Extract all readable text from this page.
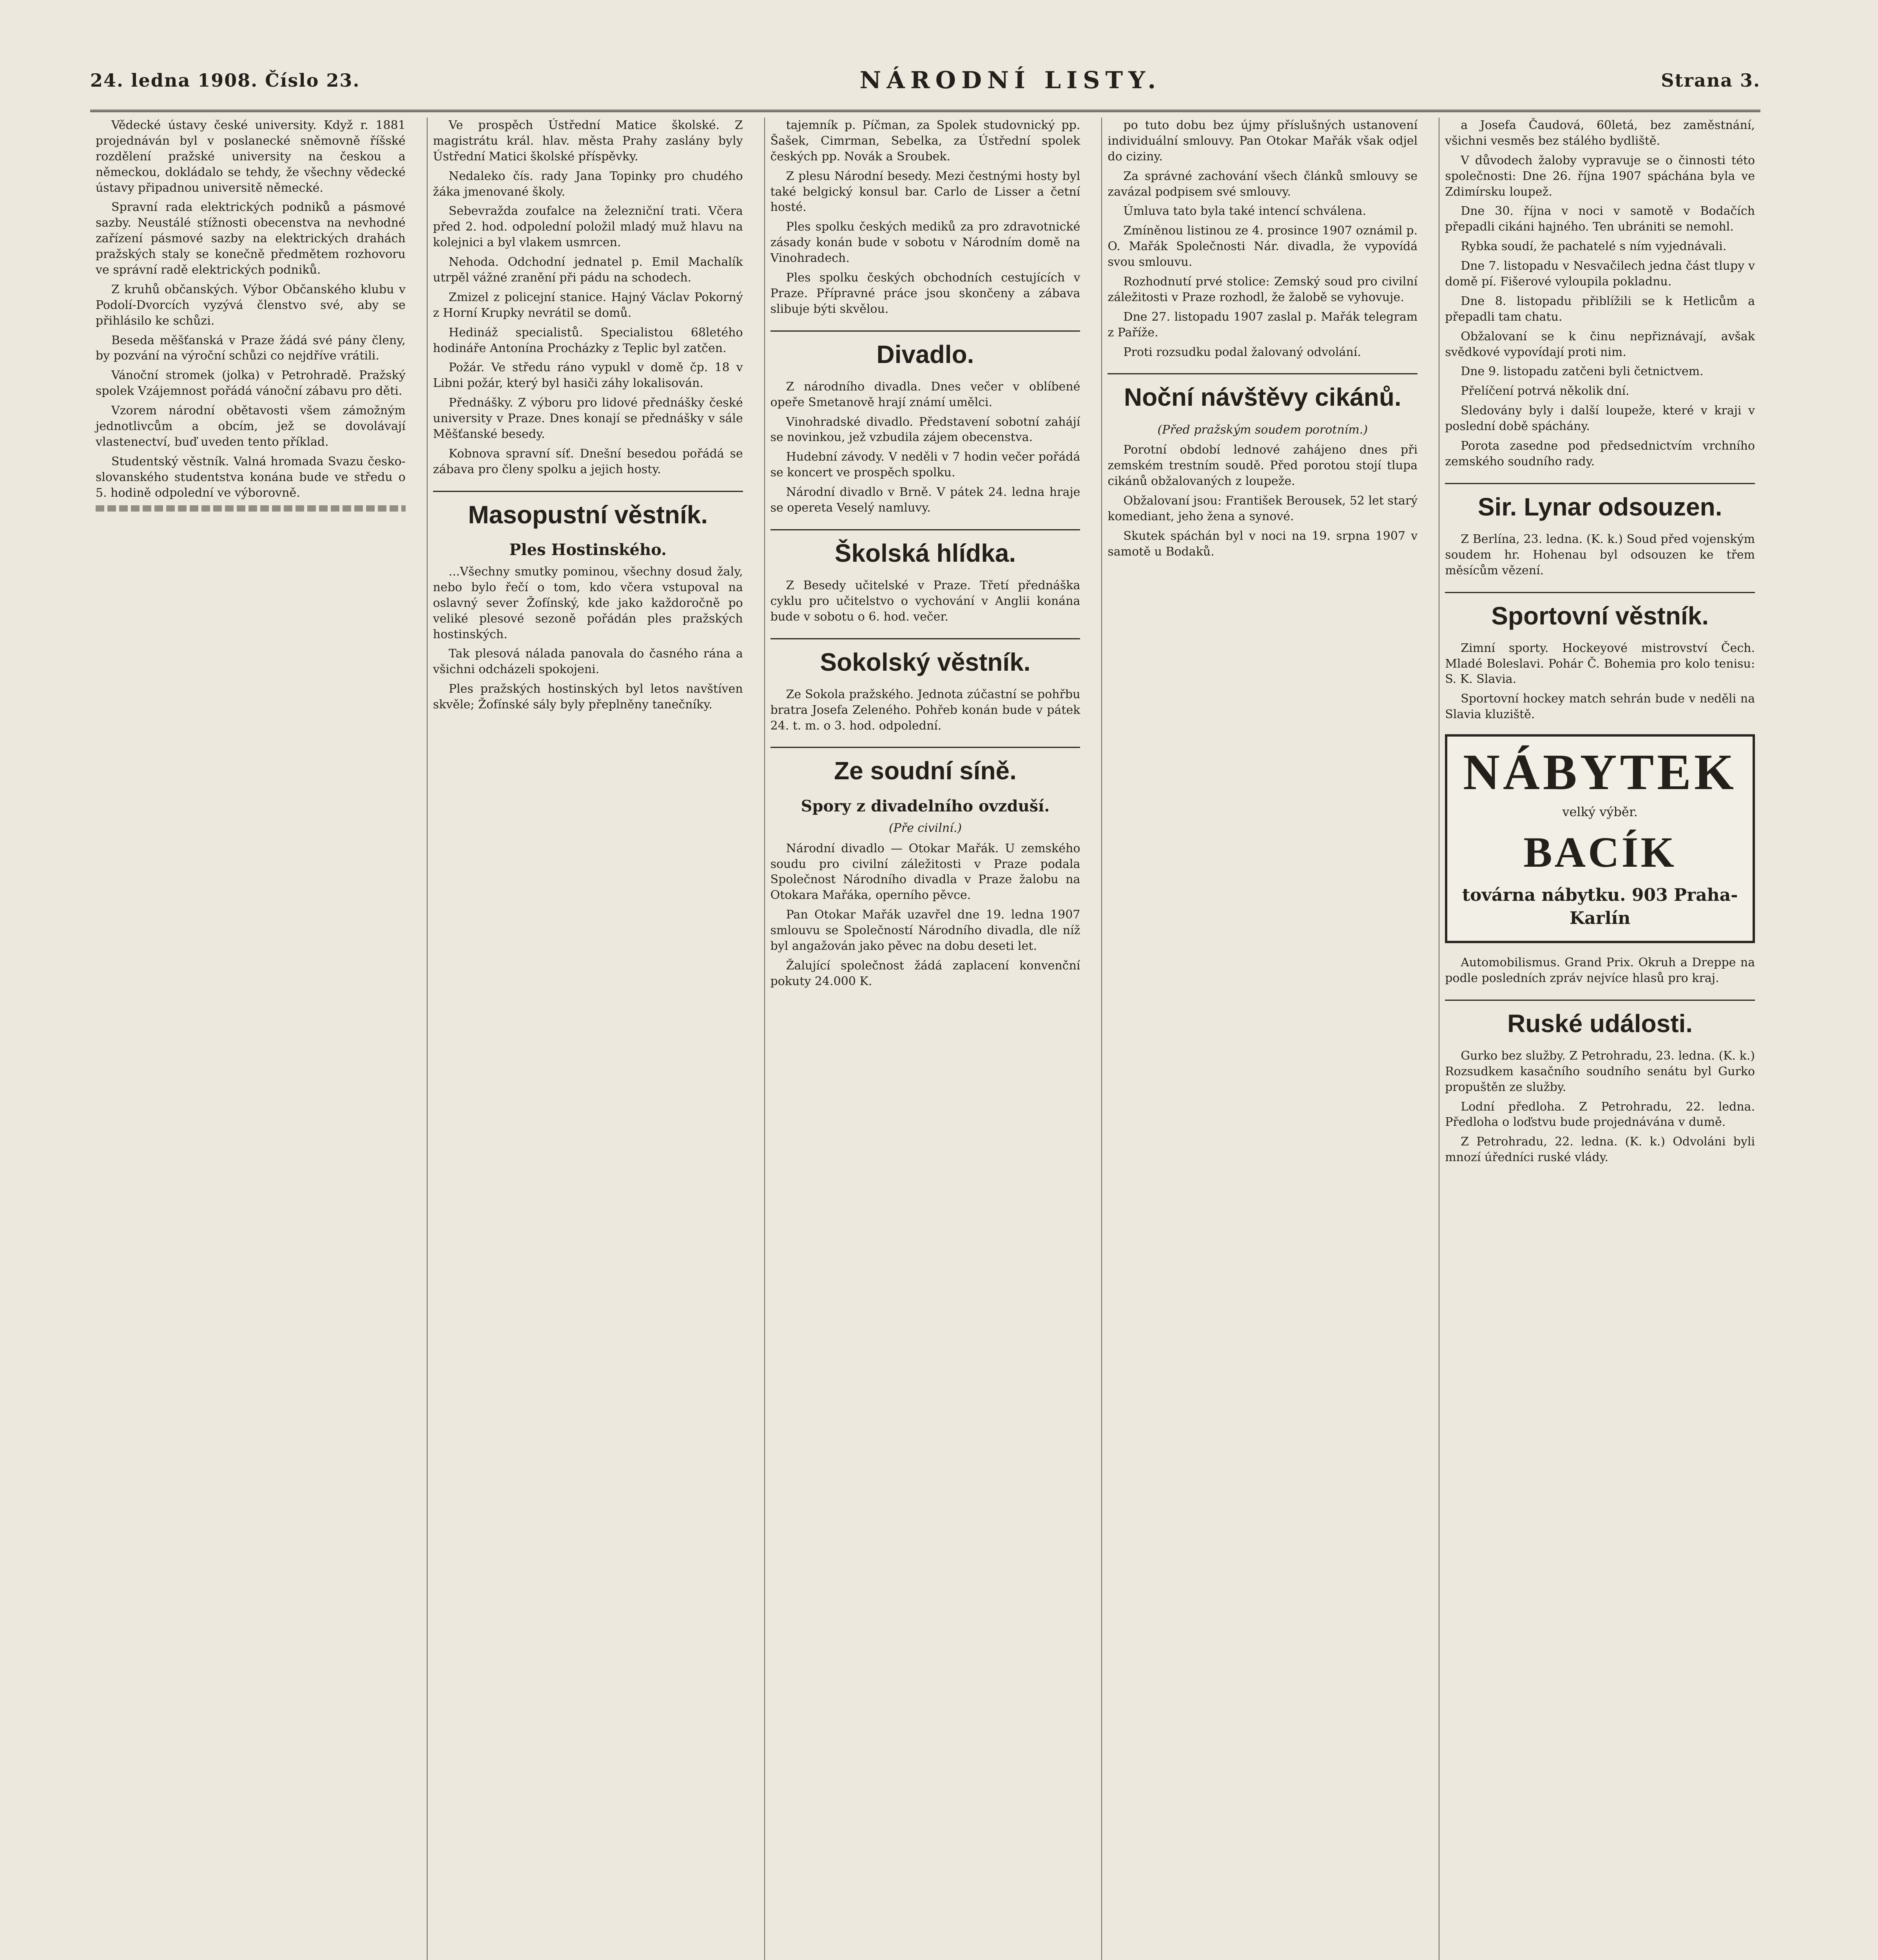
24. ledna 1908. Číslo 23.	NÁRODNÍ LISTY.	Strana 3.

Vědecké ústavy české university. Když r. 1881 projednáván byl v poslanecké sněmovně říšské rozdělení pražské university na českou a německou, dokládalo se tehdy, že všechny vědecké ústavy připadnou universitě německé.

Spravní rada elektrických podniků a pásmové sazby. Neustálé stížnosti obecenstva na nevhodné zařízení pásmové sazby na elektrických drahách pražských staly se konečně předmětem rozhovoru ve správní radě elektrických podniků.

Z kruhů občanských. Výbor Občanského klubu v Podolí-Dvorcích vyzývá členstvo své, aby se přihlásilo ke schůzi.

Beseda měšťanská v Praze žádá své pány členy, by pozvání na výroční schůzi co nejdříve vrátili.

Vánoční stromek (jolka) v Petrohradě. Pražský spolek Vzájemnost pořádá vánoční zábavu pro děti.

Vzorem národní obětavosti všem zámožným jednotlivcům a obcím, jež se dovolávají vlastenectví, buď uveden tento příklad.

Studentský věstník. Valná hromada Svazu česko-slovanského studentstva konána bude ve středu o 5. hodině odpolední ve výborovně.

Ve prospěch Ústřední Matice školské. Z magistrátu král. hlav. města Prahy zaslány byly Ústřední Matici školské příspěvky.

Nedaleko čís. rady Jana Topinky pro chudého žáka jmenované školy.

Sebevražda zoufalce na železniční trati. Včera před 2. hod. odpolední položil mladý muž hlavu na kolejnici a byl vlakem usmrcen.

Nehoda. Odchodní jednatel p. Emil Machalík utrpěl vážné zranění při pádu na schodech.

Zmizel z policejní stanice. Hajný Václav Pokorný z Horní Krupky nevrátil se domů.

Hedináž specialistů. Specialistou 68letého hodináře Antonína Procházky z Teplic byl zatčen.

Požár. Ve středu ráno vypukl v domě čp. 18 v Libni požár, který byl hasiči záhy lokalisován.

Přednášky. Z výboru pro lidové přednášky české university v Praze. Dnes konají se přednášky v sále Měšťanské besedy.

Kobnova spravní síť. Dnešní besedou pořádá se zábava pro členy spolku a jejich hosty.

Masopustní věstník.
Ples Hostinského.

...Všechny smutky pominou, všechny dosud žaly, nebo bylo řečí o tom, kdo včera vstupoval na oslavný sever Žofínský, kde jako každoročně po veliké plesové sezoně pořádán ples pražských hostinských.

Tak plesová nálada panovala do časného rána a všichni odcházeli spokojeni.

Ples pražských hostinských byl letos navštíven skvěle; Žofínské sály byly přeplněny tanečníky.

tajemník p. Píčman, za Spolek studovnický pp. Šašek, Cimrman, Sebelka, za Ústřední spolek českých pp. Novák a Sroubek.

Z plesu Národní besedy. Mezi čestnými hosty byl také belgický konsul bar. Carlo de Lisser a četní hosté.

Ples spolku českých mediků za pro zdravotnické zásady konán bude v sobotu v Národním domě na Vinohradech.

Ples spolku českých obchodních cestujících v Praze. Přípravné práce jsou skončeny a zábava slibuje býti skvělou.

Divadlo.

Z národního divadla. Dnes večer v oblíbené opeře Smetanově hrají známí umělci.

Vinohradské divadlo. Představení sobotní zahájí se novinkou, jež vzbudila zájem obecenstva.

Hudební závody. V neděli v 7 hodin večer pořádá se koncert ve prospěch spolku.

Národní divadlo v Brně. V pátek 24. ledna hraje se opereta Veselý namluvy.

Školská hlídka.

Z Besedy učitelské v Praze. Třetí přednáška cyklu pro učitelstvo o vychování v Anglii konána bude v sobotu o 6. hod. večer.

Sokolský věstník.

Ze Sokola pražského. Jednota zúčastní se pohřbu bratra Josefa Zeleného. Pohřeb konán bude v pátek 24. t. m. o 3. hod. odpolední.

Ze soudní síně.
Spory z divadelního ovzduší.
(Pře civilní.)

Národní divadlo — Otokar Mařák. U zemského soudu pro civilní záležitosti v Praze podala Společnost Národního divadla v Praze žalobu na Otokara Mařáka, operního pěvce.

Pan Otokar Mařák uzavřel dne 19. ledna 1907 smlouvu se Společností Národního divadla, dle níž byl angažován jako pěvec na dobu deseti let.

Žalující společnost žádá zaplacení konvenční pokuty 24.000 K.

po tuto dobu bez újmy příslušných ustanovení individuální smlouvy. Pan Otokar Mařák však odjel do ciziny.

Za správné zachování všech článků smlouvy se zavázal podpisem své smlouvy.

Úmluva tato byla také intencí schválena.

Zmíněnou listinou ze 4. prosince 1907 oznámil p. O. Mařák Společnosti Nár. divadla, že vypovídá svou smlouvu.

Rozhodnutí prvé stolice: Zemský soud pro civilní záležitosti v Praze rozhodl, že žalobě se vyhovuje.

Dne 27. listopadu 1907 zaslal p. Mařák telegram z Paříže.

Proti rozsudku podal žalovaný odvolání.

Noční návštěvy cikánů.
(Před pražským soudem porotním.)

Porotní období lednové zahájeno dnes při zemském trestním soudě. Před porotou stojí tlupa cikánů obžalovaných z loupeže.

Obžalovaní jsou: František Berousek, 52 let starý komediant, jeho žena a synové.

Skutek spáchán byl v noci na 19. srpna 1907 v samotě u Bodaků.

a Josefa Čaudová, 60letá, bez zaměstnání, všichni vesměs bez stálého bydliště.

V důvodech žaloby vypravuje se o činnosti této společnosti: Dne 26. října 1907 spáchána byla ve Zdimírsku loupež.

Dne 30. října v noci v samotě v Bodačích přepadli cikáni hajného. Ten ubrániti se nemohl.

Rybka soudí, že pachatelé s ním vyjednávali.

Dne 7. listopadu v Nesvačilech jedna část tlupy v domě pí. Fišerové vyloupila pokladnu.

Dne 8. listopadu přiblížili se k Hetlicům a přepadli tam chatu.

Obžalovaní se k činu nepřiznávají, avšak svědkové vypovídají proti nim.

Dne 9. listopadu zatčeni byli četnictvem.

Přelíčení potrvá několik dní.

Sledovány byly i další loupeže, které v kraji v poslední době spáchány.

Porota zasedne pod předsednictvím vrchního zemského soudního rady.

Sir. Lynar odsouzen.

Z Berlína, 23. ledna. (K. k.) Soud před vojenským soudem hr. Hohenau byl odsouzen ke třem měsícům vězení.

Sportovní věstník.

Zimní sporty. Hockeyové mistrovství Čech. Mladé Boleslavi. Pohár Č. Bohemia pro kolo tenisu: S. K. Slavia.

Sportovní hockey match sehrán bude v neděli na Slavia kluziště.

NÁBYTEK
velký výběr.
BACÍK
továrna nábytku. 903 Praha-Karlín

Automobilismus. Grand Prix. Okruh a Dreppe na podle posledních zpráv nejvíce hlasů pro kraj.

Ruské události.

Gurko bez služby. Z Petrohradu, 23. ledna. (K. k.) Rozsudkem kasačního soudního senátu byl Gurko propuštěn ze služby.

Lodní předloha. Z Petrohradu, 22. ledna. Předloha o loďstvu bude projednávána v dumě.

Z Petrohradu, 22. ledna. (K. k.) Odvoláni byli mnozí úředníci ruské vlády.
